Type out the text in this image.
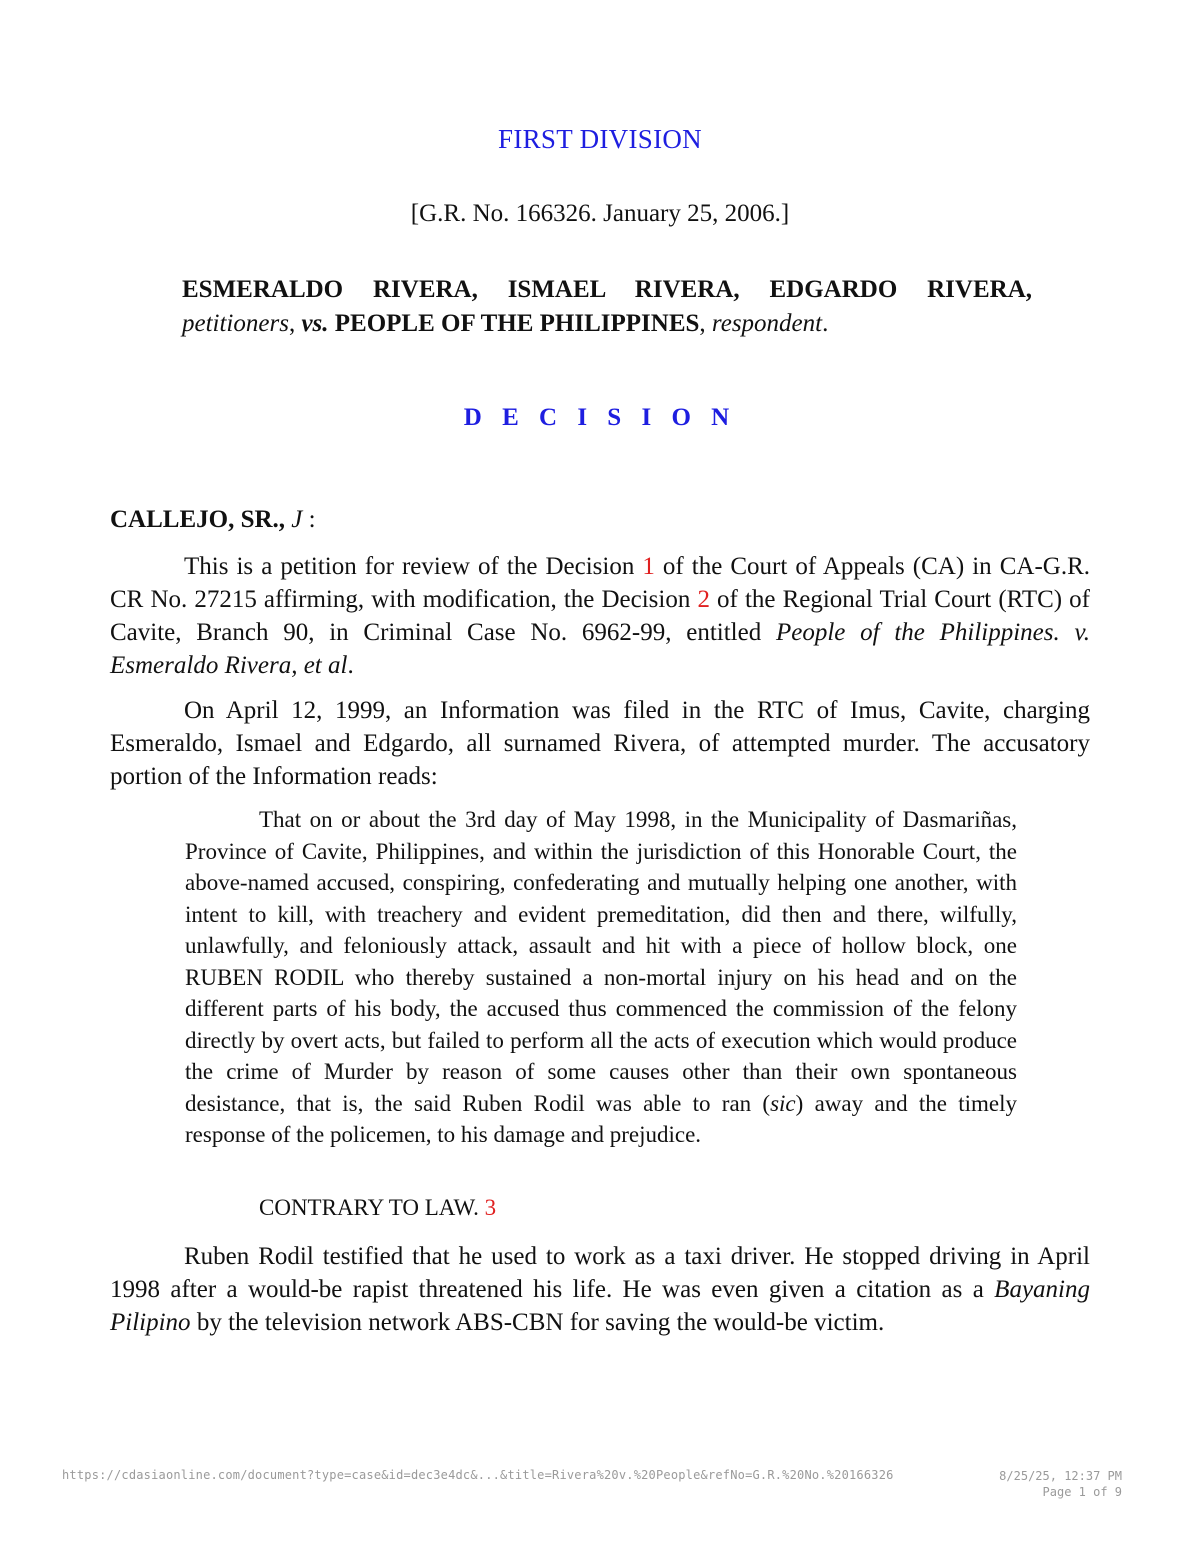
FIRST DIVISION
[G.R. No. 166326. January 25, 2006.]
ESMERALDO RIVERA, ISMAEL RIVERA, EDGARDO RIVERA,
petitioners, vs. PEOPLE OF THE PHILIPPINES, respondent.
D E C I S I O N
CALLEJO, SR., J :

This is a petition for review of the Decision 1 of the Court of Appeals (CA) in CA-G.R. CR No. 27215 affirming, with modification, the Decision 2 of the Regional Trial Court (RTC) of Cavite, Branch 90, in Criminal Case No. 6962-99, entitled People of the Philippines. v. Esmeraldo Rivera, et al.

On April 12, 1999, an Information was filed in the RTC of Imus, Cavite, charging Esmeraldo, Ismael and Edgardo, all surnamed Rivera, of attempted murder. The accusatory portion of the Information reads:

That on or about the 3rd day of May 1998, in the Municipality of Dasmariñas, Province of Cavite, Philippines, and within the jurisdiction of this Honorable Court, the above-named accused, conspiring, confederating and mutually helping one another, with intent to kill, with treachery and evident premeditation, did then and there, wilfully, unlawfully, and feloniously attack, assault and hit with a piece of hollow block, one RUBEN RODIL who thereby sustained a non-mortal injury on his head and on the different parts of his body, the accused thus commenced the commission of the felony directly by overt acts, but failed to perform all the acts of execution which would produce the crime of Murder by reason of some causes other than their own spontaneous desistance, that is, the said Ruben Rodil was able to ran (sic) away and the timely response of the policemen, to his damage and prejudice.

CONTRARY TO LAW. 3

Ruben Rodil testified that he used to work as a taxi driver. He stopped driving in April 1998 after a would-be rapist threatened his life. He was even given a citation as a Bayaning Pilipino by the television network ABS-CBN for saving the would-be victim.

https://cdasiaonline.com/document?type=case&id=dec3e4dc&...&title=Rivera%20v.%20People&refNo=G.R.%20No.%20166326	8/25/25, 12:37 PM
Page 1 of 9
